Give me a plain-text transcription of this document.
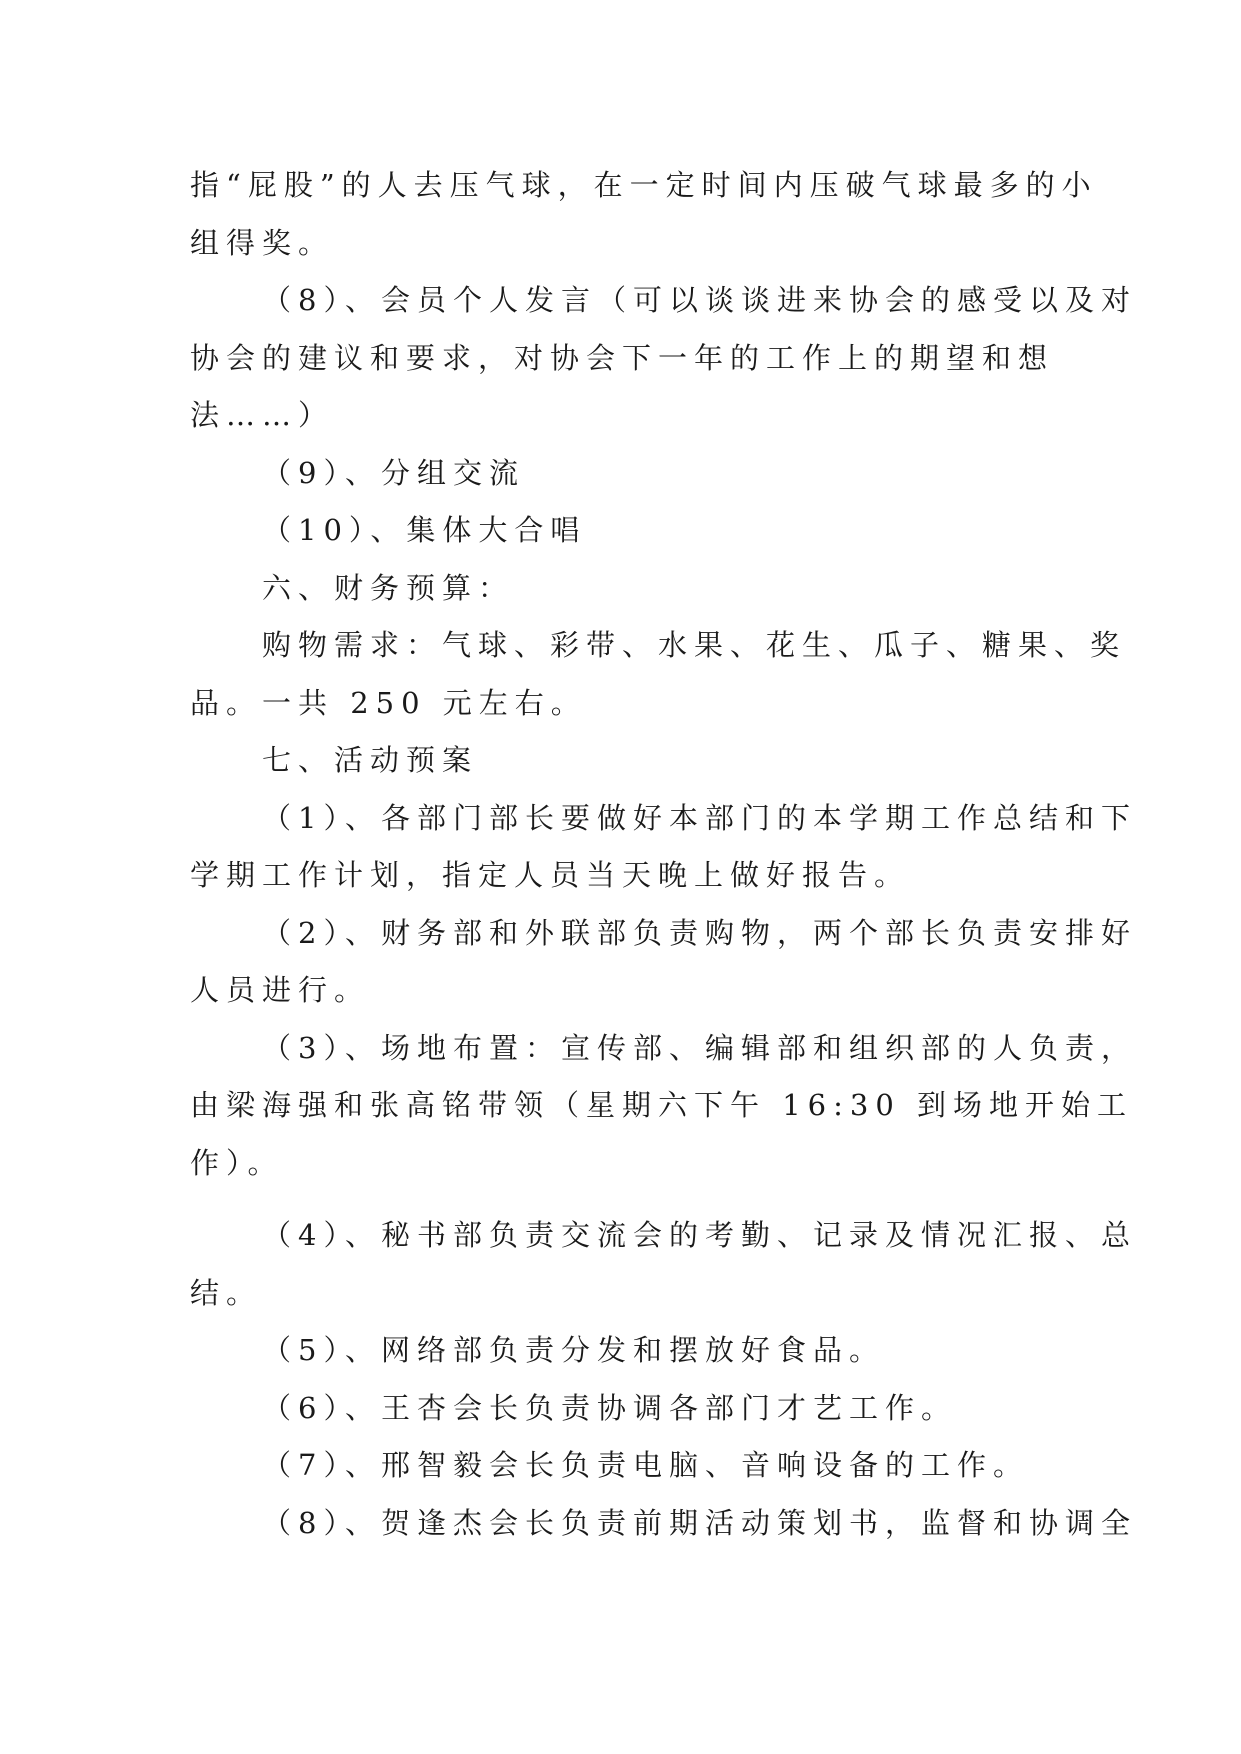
指“屁股”的人去压气球，在一定时间内压破气球最多的小
组得奖。
（8）、会员个人发言（可以谈谈进来协会的感受以及对
协会的建议和要求，对协会下一年的工作上的期望和想
法……）
（9）、分组交流
（10）、集体大合唱
六、财务预算：
购物需求：气球、彩带、水果、花生、瓜子、糖果、奖
品。一共 250 元左右。
七、活动预案
（1）、各部门部长要做好本部门的本学期工作总结和下
学期工作计划，指定人员当天晚上做好报告。
（2）、财务部和外联部负责购物，两个部长负责安排好
人员进行。
（3）、场地布置：宣传部、编辑部和组织部的人负责，
由梁海强和张高铭带领（星期六下午 16:30 到场地开始工
作）。
（4）、秘书部负责交流会的考勤、记录及情况汇报、总
结。
（5）、网络部负责分发和摆放好食品。
（6）、王杏会长负责协调各部门才艺工作。
（7）、邢智毅会长负责电脑、音响设备的工作。
（8）、贺逢杰会长负责前期活动策划书，监督和协调全
